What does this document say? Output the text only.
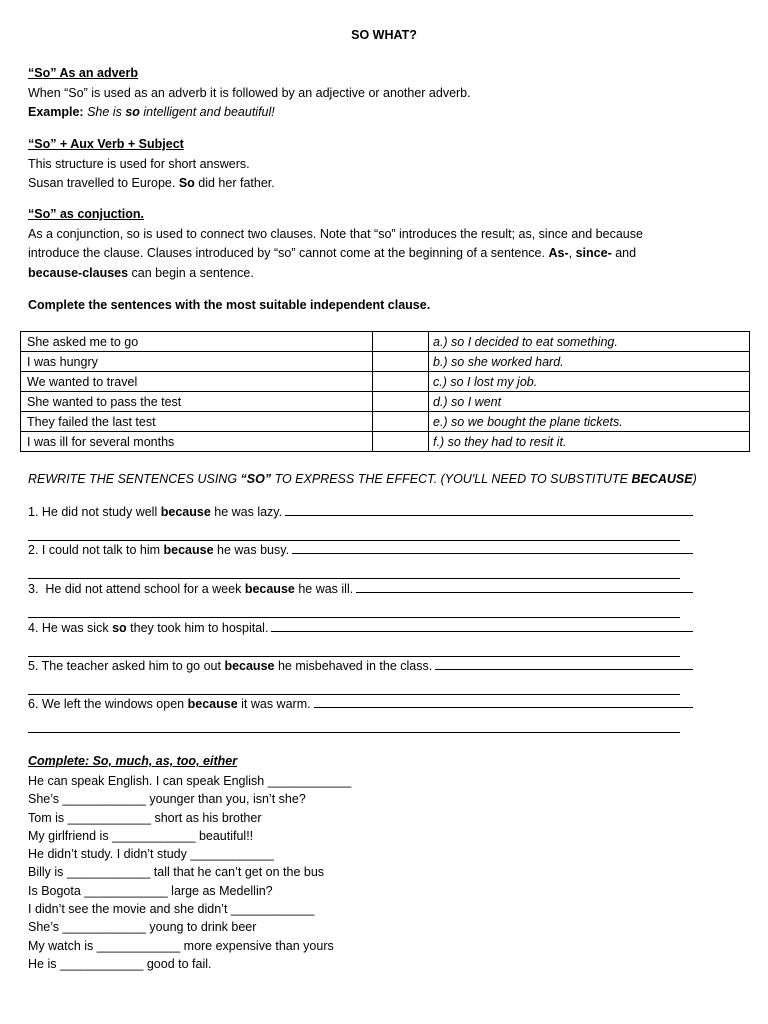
SO WHAT?
“So” As an adverb
When “So” is used as an adverb it is followed by an adjective or another adverb.
Example: She is so intelligent and beautiful!
“So” + Aux Verb + Subject
This structure is used for short answers.
Susan travelled to Europe. So did her father.
“So” as conjuction.
As a conjunction, so is used to connect two clauses. Note that “so” introduces the result; as, since and because
introduce the clause. Clauses introduced by “so” cannot come at the beginning of a sentence. As-, since- and
because-clauses can begin a sentence.
Complete the sentences with the most suitable independent clause.
She asked me to go		a.) so I decided to eat something.
I was hungry		b.) so she worked hard.
We wanted to travel		c.) so I lost my job.
She wanted to pass the test		d.) so I went
They failed the last test		e.) so we bought the plane tickets.
I was ill for several months		f.) so they had to resit it.
REWRITE THE SENTENCES USING “SO” TO EXPRESS THE EFFECT. (YOU'LL NEED TO SUBSTITUTE BECAUSE)
1. He did not study well
because
he was lazy.
2. I could not talk to him
because
he was busy.
3.  He did not attend school for a week
because
he was ill.
4. He was sick
so
they took him to hospital.
5. The teacher asked him to go out
because
he misbehaved in the class.
6. We left the windows open
because
it was warm.
Complete: So, much, as, too, either
He can speak English. I can speak English ____________
She’s ____________ younger than you, isn’t she?
Tom is ____________ short as his brother
My girlfriend is ____________ beautiful!!
He didn’t study. I didn’t study ____________
Billy is ____________ tall that he can’t get on the bus
Is Bogota ____________ large as Medellin?
I didn’t see the movie and she didn’t ____________
She’s ____________ young to drink beer
My watch is ____________ more expensive than yours
He is ____________ good to fail.
